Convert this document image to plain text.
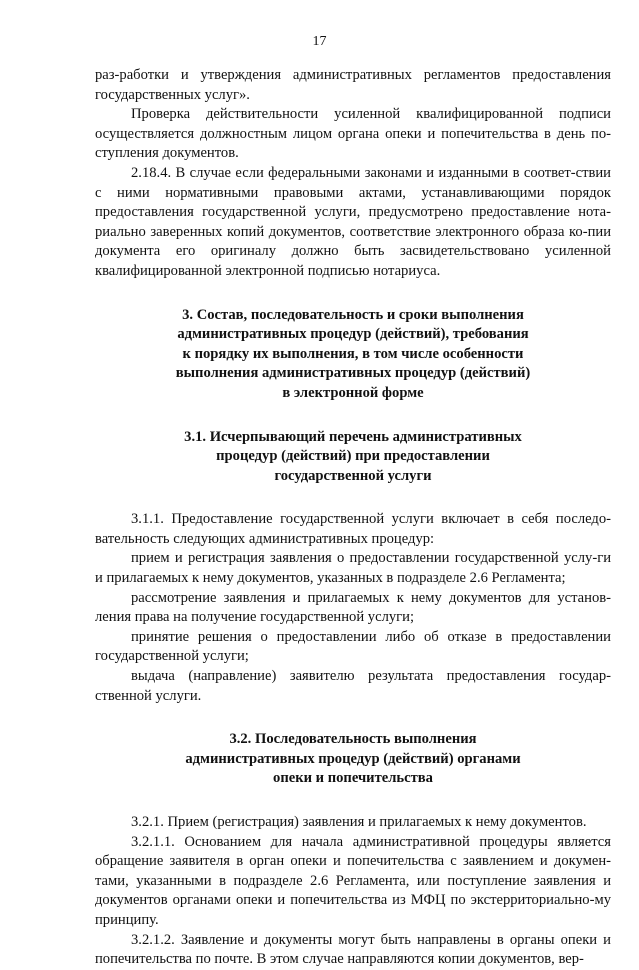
17

раз-работки и утверждения административных регламентов предоставления государственных услуг».

Проверка действительности усиленной квалифицированной подписи осуществляется должностным лицом органа опеки и попечительства в день по-ступления документов.

2.18.4. В случае если федеральными законами и изданными в соответ-ствии с ними нормативными правовыми актами, устанавливающими порядок предоставления государственной услуги, предусмотрено предоставление нота-риально заверенных копий документов, соответствие электронного образа ко-пии документа его оригиналу должно быть засвидетельствовано усиленной квалифицированной электронной подписью нотариуса.

3. Состав, последовательность и сроки выполнения
административных процедур (действий), требования
к порядку их выполнения, в том числе особенности
выполнения административных процедур (действий)
в электронной форме
3.1. Исчерпывающий перечень административных
процедур (действий) при предоставлении
государственной услуги

3.1.1. Предоставление государственной услуги включает в себя последо-вательность следующих административных процедур:

прием и регистрация заявления о предоставлении государственной услу-ги и прилагаемых к нему документов, указанных в подразделе 2.6 Регламента;

рассмотрение заявления и прилагаемых к нему документов для установ-ления права на получение государственной услуги;

принятие решения о предоставлении либо об отказе в предоставлении государственной услуги;

выдача (направление) заявителю результата предоставления государ-ственной услуги.

3.2. Последовательность выполнения
административных процедур (действий) органами
опеки и попечительства

3.2.1. Прием (регистрация) заявления и прилагаемых к нему документов.

3.2.1.1. Основанием для начала административной процедуры является обращение заявителя в орган опеки и попечительства с заявлением и докумен-тами, указанными в подразделе 2.6 Регламента, или поступление заявления и документов органами опеки и попечительства из МФЦ по экстерриториально-му принципу.

3.2.1.2. Заявление и документы могут быть направлены в органы опеки и попечительства по почте. В этом случае направляются копии документов, вер-
